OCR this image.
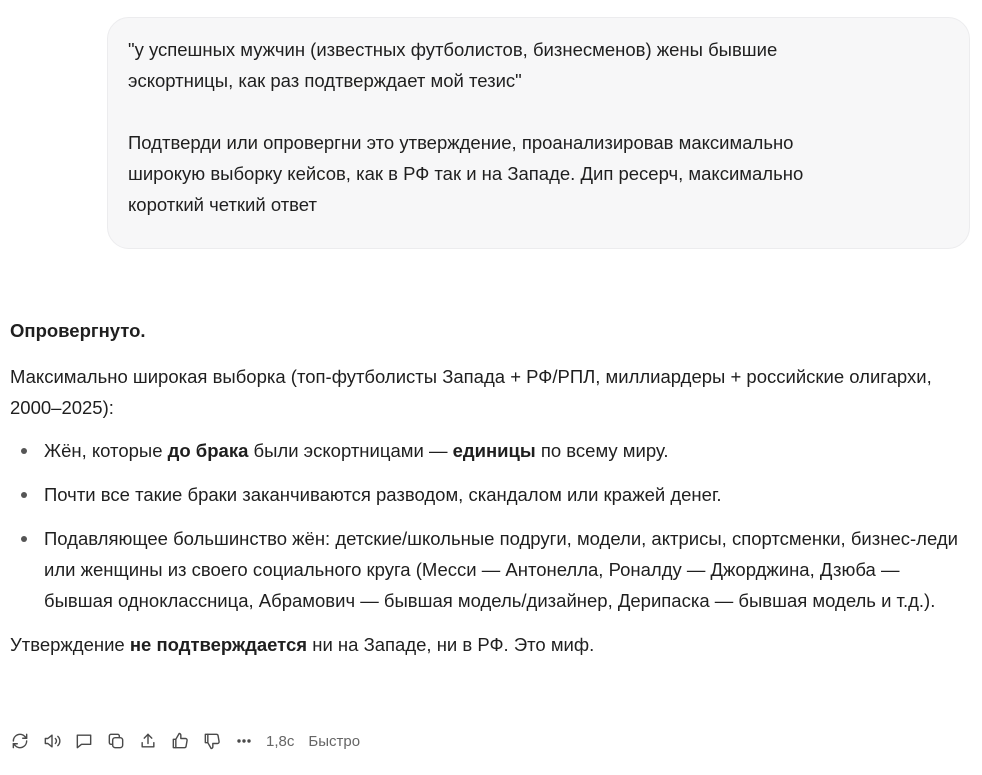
"у успешных мужчин (известных футболистов, бизнесменов) жены бывшие

эскортницы, как раз подтверждает мой тезис"

Подтверди или опровергни это утверждение, проанализировав максимально

широкую выборку кейсов, как в РФ так и на Западе. Дип ресерч, максимально

короткий четкий ответ

Опровергнуто.
Максимально широкая выборка (топ-футболисты Запада + РФ/РПЛ, миллиардеры + российские олигархи, 2000–2025):
Жён, которые до брака были эскортницами — единицы по всему миру.
Почти все такие браки заканчиваются разводом, скандалом или кражей денег.
Подавляющее большинство жён: детские/школьные подруги, модели, актрисы, спортсменки, бизнес-леди или женщины из своего социального круга (Месси — Антонелла, Роналду — Джорджина, Дзюба — бывшая одноклассница, Абрамович — бывшая модель/дизайнер, Дерипаска — бывшая модель и т.д.).
Утверждение не подтверждается ни на Западе, ни в РФ. Это миф.
1,8с Быстро
